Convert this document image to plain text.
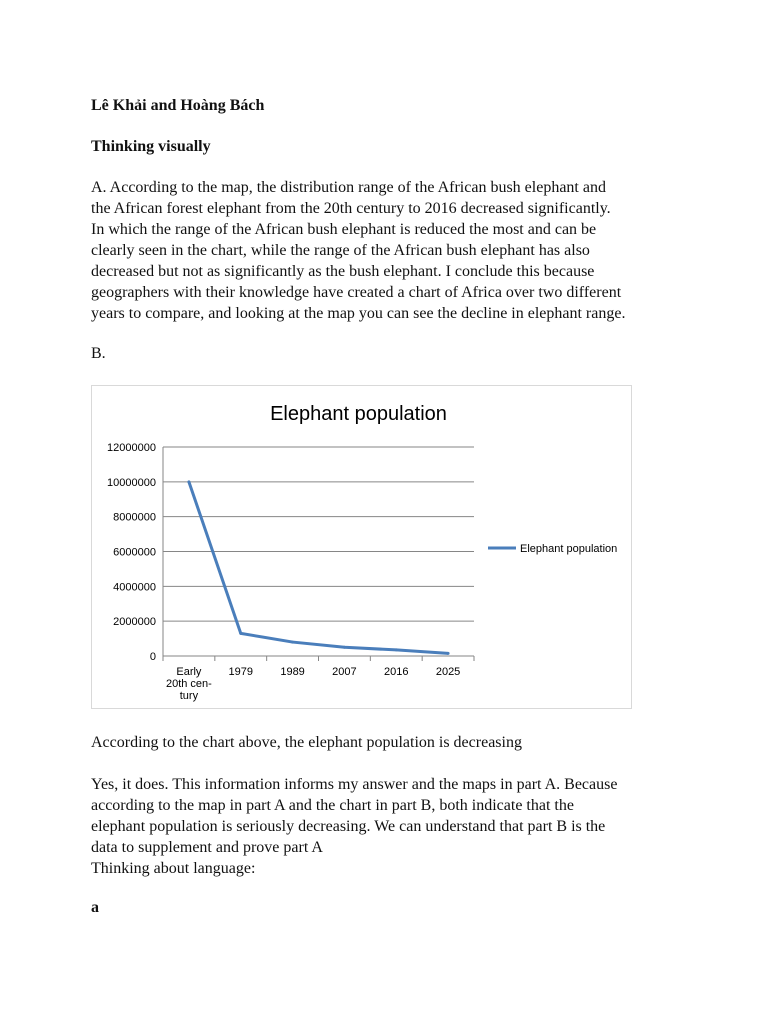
Lê Khải and Hoàng Bách

Thinking visually

A. According to the map, the distribution range of the African bush elephant and
the African forest elephant from the 20th century to 2016 decreased significantly.
In which the range of the African bush elephant is reduced the most and can be
clearly seen in the chart, while the range of the African bush elephant has also
decreased but not as significantly as the bush elephant. I conclude this because
geographers with their knowledge have created a chart of Africa over two different
years to compare, and looking at the map you can see the decline in elephant range.

B.

Elephant population
0
2000000
4000000
6000000
8000000
10000000
12000000
Early 20th cen-tury
1979 1989 2007 2016 2025
Elephant population

According to the chart above, the elephant population is decreasing

Yes, it does. This information informs my answer and the maps in part A. Because
according to the map in part A and the chart in part B, both indicate that the
elephant population is seriously decreasing. We can understand that part B is the
data to supplement and prove part A
Thinking about language:

a
